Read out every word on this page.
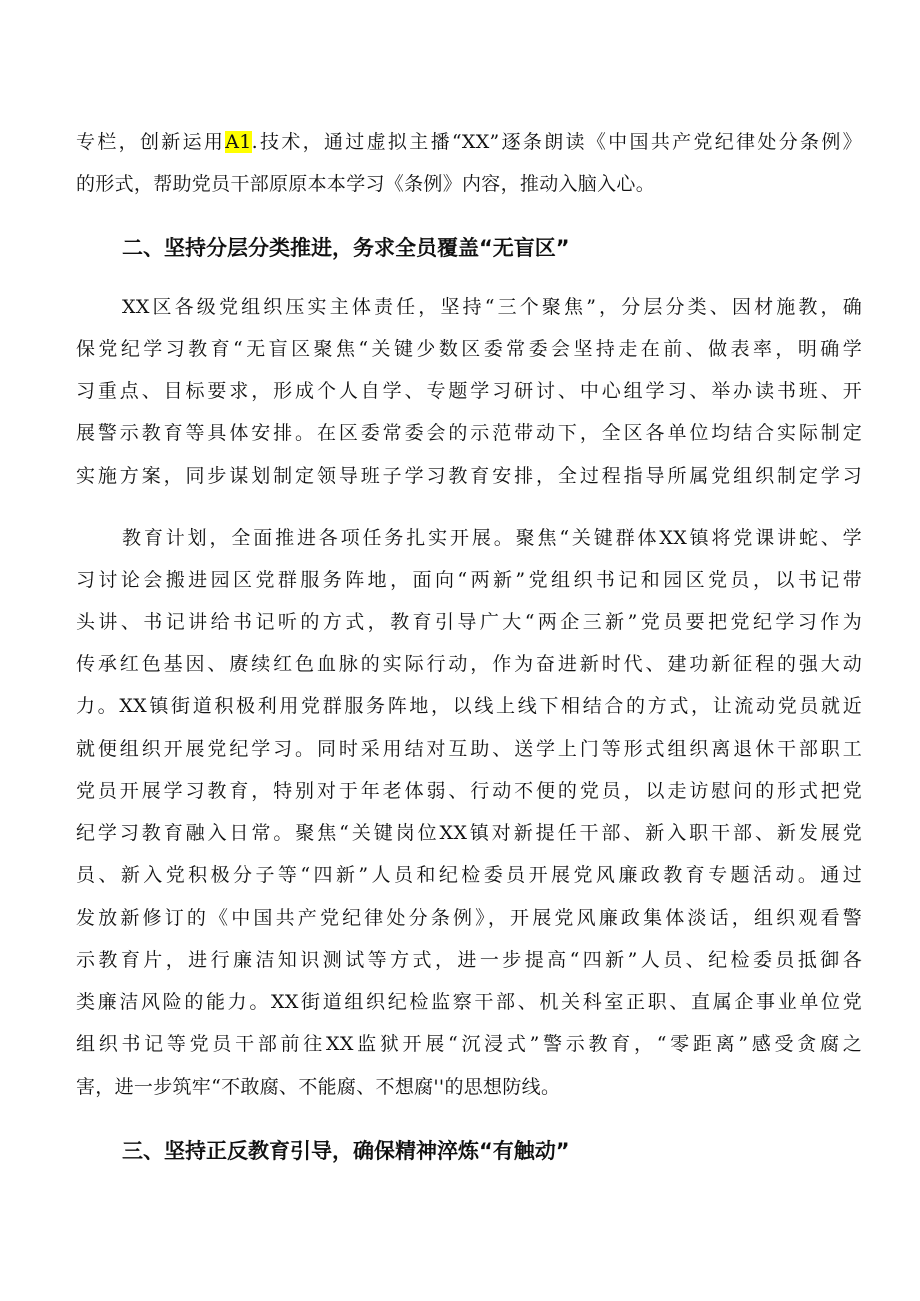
专栏，创新运用A1.技术，通过虚拟主播“XX”逐条朗读《中国共产党纪律处分条例》
的形式，帮助党员干部原原本本学习《条例》内容，推动入脑入心。
二、坚持分层分类推进，务求全员覆盖“无盲区”
XX区各级党组织压实主体责任，坚持“三个聚焦”，分层分类、因材施教，确
保党纪学习教育“无盲区聚焦“关键少数区委常委会坚持走在前、做表率，明确学
习重点、目标要求，形成个人自学、专题学习研讨、中心组学习、举办读书班、开
展警示教育等具体安排。在区委常委会的示范带动下，全区各单位均结合实际制定
实施方案，同步谋划制定领导班子学习教育安排，全过程指导所属党组织制定学习
教育计划，全面推进各项任务扎实开展。聚焦“关键群体XX镇将党课讲蛇、学
习讨论会搬进园区党群服务阵地，面向“两新”党组织书记和园区党员，以书记带
头讲、书记讲给书记听的方式，教育引导广大“两企三新”党员要把党纪学习作为
传承红色基因、赓续红色血脉的实际行动，作为奋进新时代、建功新征程的强大动
力。XX镇街道积极利用党群服务阵地，以线上线下相结合的方式，让流动党员就近
就便组织开展党纪学习。同时采用结对互助、送学上门等形式组织离退休干部职工
党员开展学习教育，特别对于年老体弱、行动不便的党员，以走访慰问的形式把党
纪学习教育融入日常。聚焦“关键岗位XX镇对新提任干部、新入职干部、新发展党
员、新入党积极分子等“四新”人员和纪检委员开展党风廉政教育专题活动。通过
发放新修订的《中国共产党纪律处分条例》，开展党风廉政集体淡话，组织观看警
示教育片，进行廉洁知识测试等方式，进一步提高“四新”人员、纪检委员抵御各
类廉洁风险的能力。XX街道组织纪检监察干部、机关科室正职、直属企事业单位党
组织书记等党员干部前往XX监狱开展“沉浸式”警示教育，“零距离”感受贪腐之
害，进一步筑牢“不敢腐、不能腐、不想腐''的思想防线。
三、坚持正反教育引导，确保精神淬炼“有触动”
